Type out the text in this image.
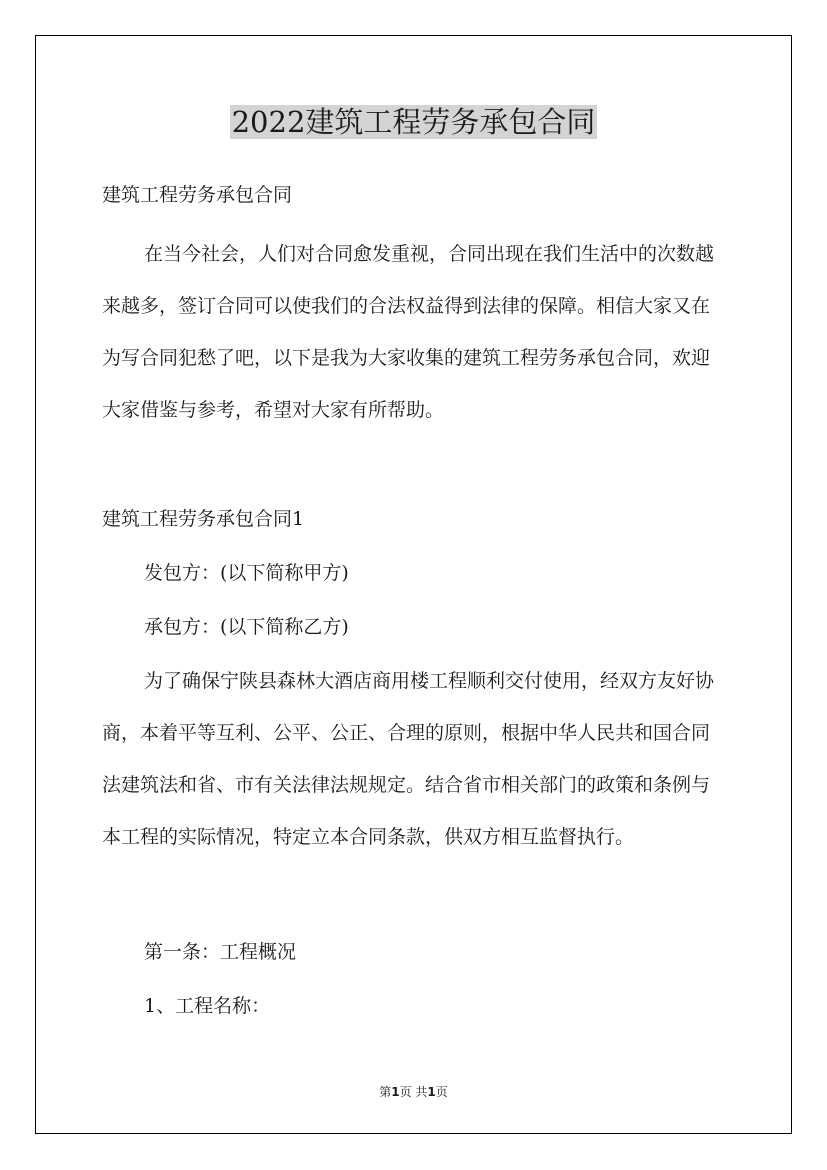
2022建筑工程劳务承包合同

建筑工程劳务承包合同

在当今社会，人们对合同愈发重视，合同出现在我们生活中的次数越来越多，签订合同可以使我们的合法权益得到法律的保障。相信大家又在为写合同犯愁了吧，以下是我为大家收集的建筑工程劳务承包合同，欢迎大家借鉴与参考，希望对大家有所帮助。

建筑工程劳务承包合同1

发包方：(以下简称甲方)

承包方：(以下简称乙方)

为了确保宁陕县森林大酒店商用楼工程顺利交付使用，经双方友好协商，本着平等互利、公平、公正、合理的原则，根据中华人民共和国合同法建筑法和省、市有关法律法规规定。结合省市相关部门的政策和条例与本工程的实际情况，特定立本合同条款，供双方相互监督执行。

第一条：工程概况

1、工程名称：

第1页 共1页
